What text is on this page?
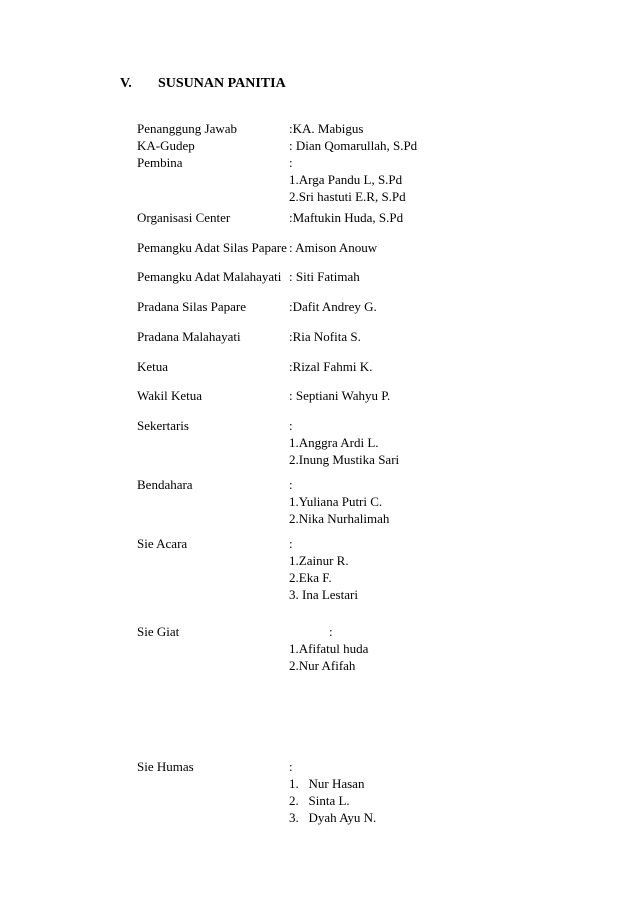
V. SUSUNAN PANITIA
Penanggung Jawab	:KA. Mabigus
KA-Gudep	: Dian Qomarullah, S.Pd
Pembina	:
1.Arga Pandu L, S.Pd
2.Sri hastuti E.R, S.Pd
Organisasi Center	:Maftukin Huda, S.Pd
Pemangku Adat Silas Papare : Amison Anouw
Pemangku Adat Malahayati : Siti Fatimah
Pradana Silas Papare	:Dafit Andrey G.
Pradana Malahayati	:Ria Nofita S.
Ketua	:Rizal Fahmi K.
Wakil Ketua	: Septiani Wahyu P.
Sekertaris	:
1.Anggra Ardi L.
2.Inung Mustika Sari
Bendahara	:
1.Yuliana Putri C.
2.Nika Nurhalimah
Sie Acara	:
1.Zainur R.
2.Eka F.
3. Ina Lestari
Sie Giat	:
1.Afifatul huda
2.Nur Afifah
Sie Humas	:
1.   Nur Hasan
2.   Sinta L.
3.   Dyah Ayu N.
